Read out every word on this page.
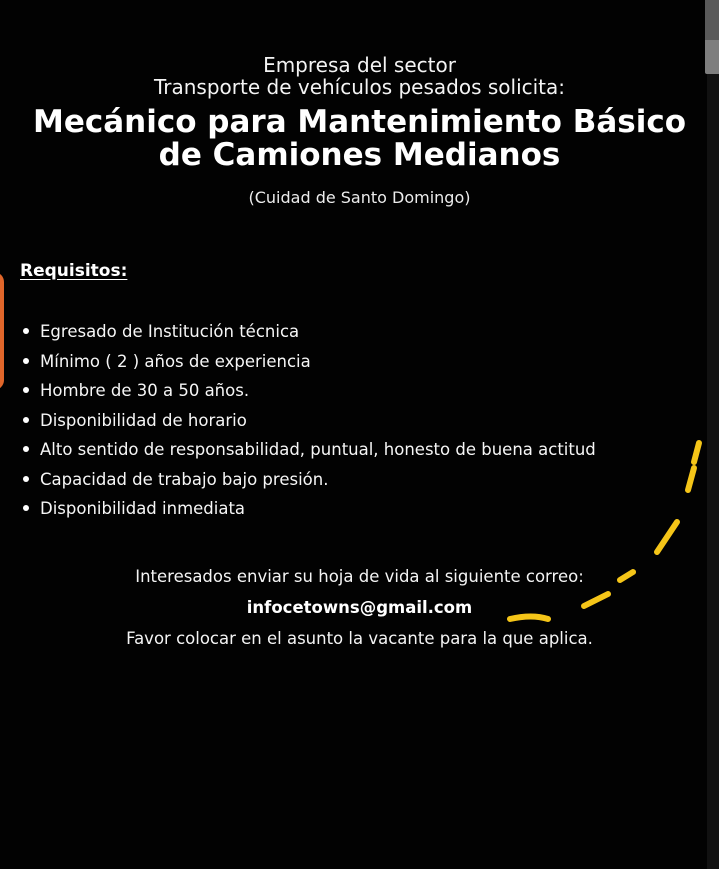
Empresa del sector

Transporte de vehículos pesados solicita:

Mecánico para Mantenimiento Básico
de Camiones Medianos

(Cuidad de Santo Domingo)

Requisitos:
Egresado de Institución técnica
Mínimo ( 2 ) años de experiencia
Hombre de 30 a 50 años.
Disponibilidad de horario
Alto sentido de responsabilidad, puntual, honesto de buena actitud
Capacidad de trabajo bajo presión.
Disponibilidad inmediata

Interesados enviar su hoja de vida al siguiente correo:

infocetowns@gmail.com

Favor colocar en el asunto la vacante para la que aplica.
